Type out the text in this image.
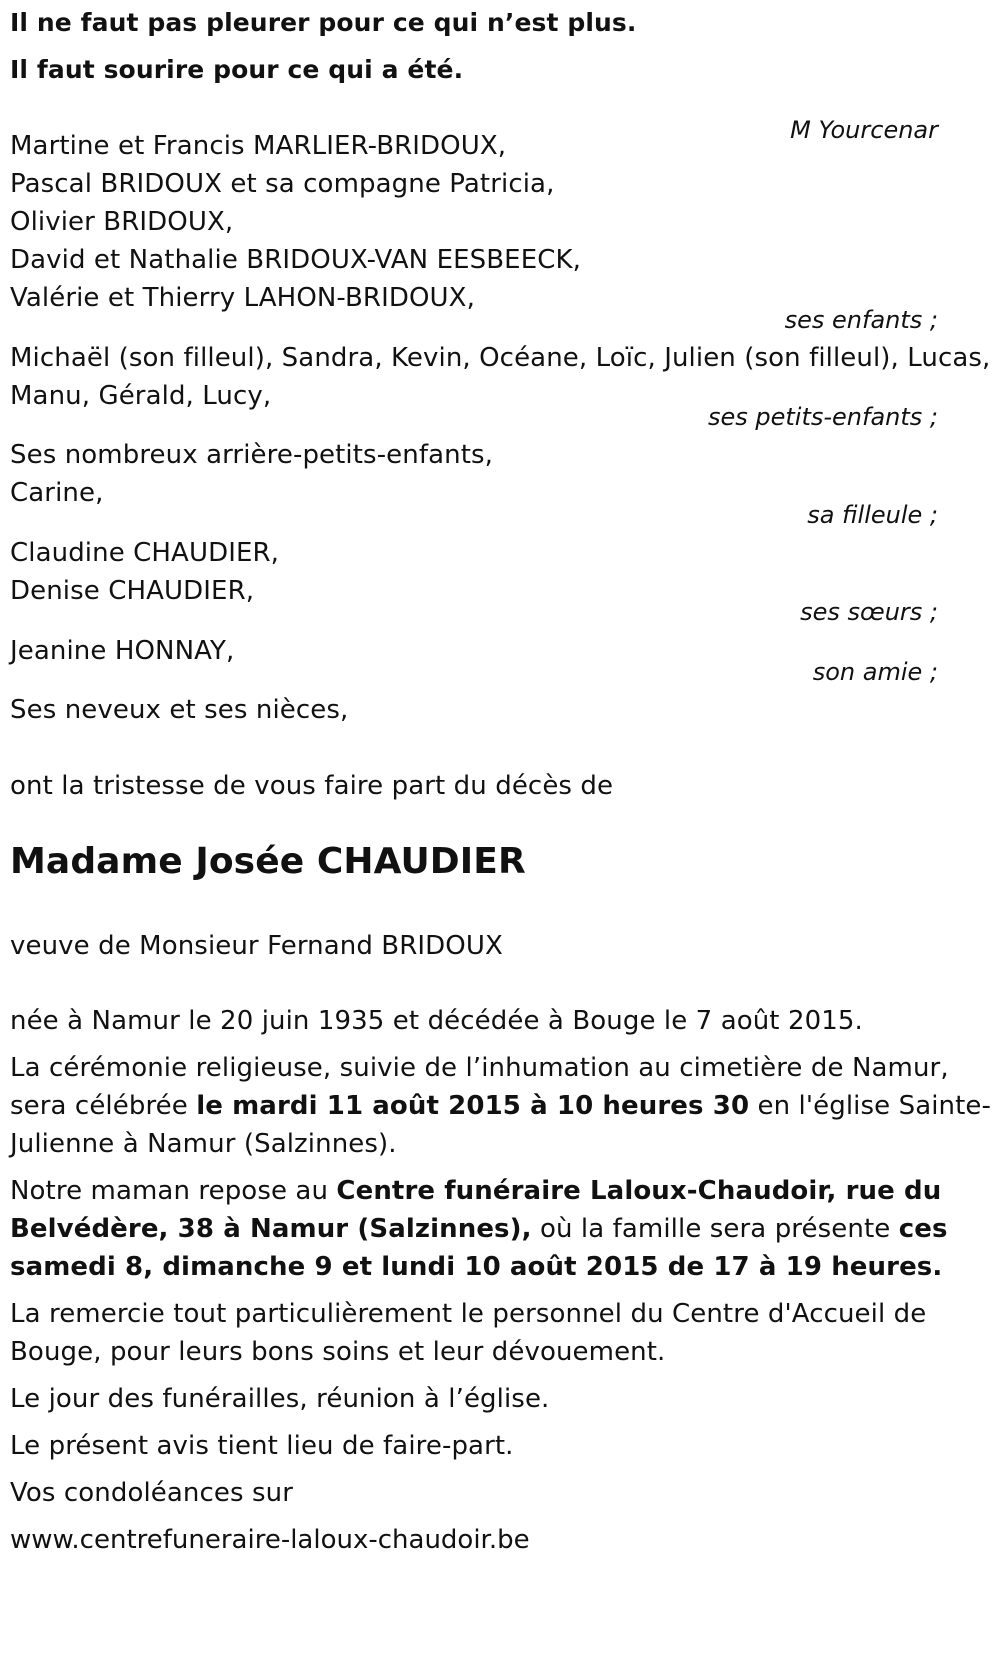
Il ne faut pas pleurer pour ce qui n’est plus.
Il faut sourire pour ce qui a été.
M Yourcenar
Martine et Francis MARLIER-BRIDOUX,
Pascal BRIDOUX et sa compagne Patricia,
Olivier BRIDOUX,
David et Nathalie BRIDOUX-VAN EESBEECK,
Valérie et Thierry LAHON-BRIDOUX,
ses enfants ;
Michaël (son filleul), Sandra, Kevin, Océane, Loïc, Julien (son filleul), Lucas,
Manu, Gérald, Lucy,
ses petits-enfants ;
Ses nombreux arrière-petits-enfants,
Carine,
sa filleule ;
Claudine CHAUDIER,
Denise CHAUDIER,
ses sœurs ;
Jeanine HONNAY,
son amie ;
Ses neveux et ses nièces,
ont la tristesse de vous faire part du décès de
Madame Josée CHAUDIER
veuve de Monsieur Fernand BRIDOUX
née à Namur le 20 juin 1935 et décédée à Bouge le 7 août 2015.
La cérémonie religieuse, suivie de l’inhumation au cimetière de Namur,
sera célébrée le mardi 11 août 2015 à 10 heures 30 en l'église Sainte-
Julienne à Namur (Salzinnes).
Notre maman repose au Centre funéraire Laloux-Chaudoir, rue du
Belvédère, 38 à Namur (Salzinnes), où la famille sera présente ces
samedi 8, dimanche 9 et lundi 10 août 2015 de 17 à 19 heures.
La remercie tout particulièrement le personnel du Centre d'Accueil de
Bouge, pour leurs bons soins et leur dévouement.
Le jour des funérailles, réunion à l’église.
Le présent avis tient lieu de faire-part.
Vos condoléances sur
www.centrefuneraire-laloux-chaudoir.be
